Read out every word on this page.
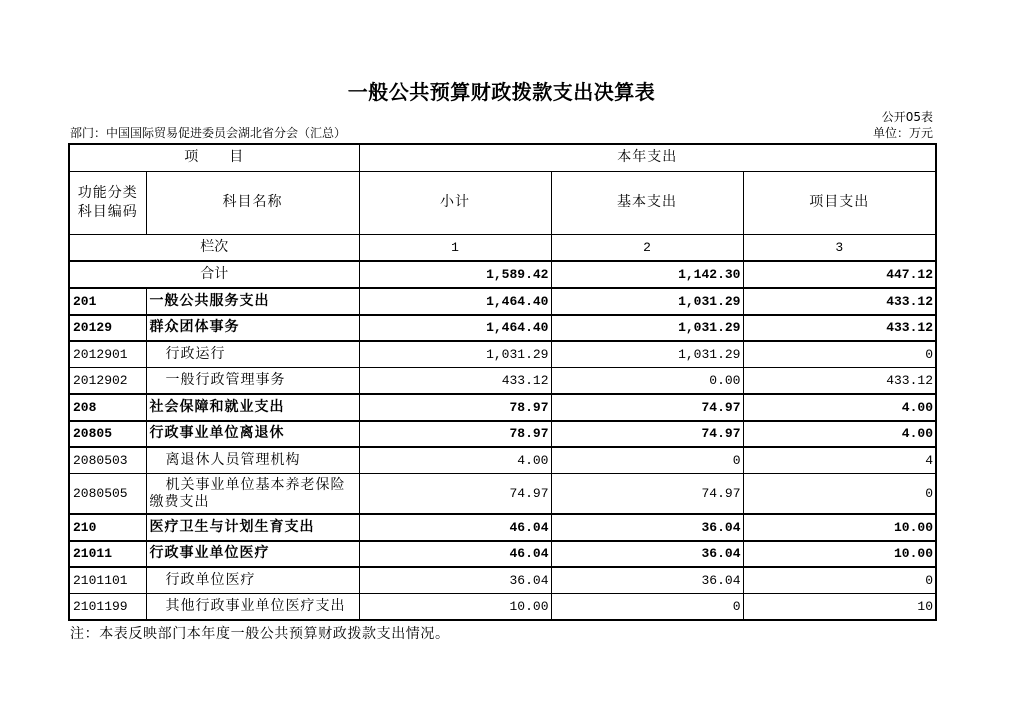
一般公共预算财政拨款支出决算表
公开05表
部门：中国国际贸易促进委员会湖北省分会（汇总）	单位：万元
项　　目		本年支出		

功能分类
科目编码	科目名称	小计	基本支出	项目支出
栏次		1	2	3
合计		1,589.42	1,142.30	447.12
201	一般公共服务支出	1,464.40	1,031.29	433.12
20129	群众团体事务	1,464.40	1,031.29	433.12
2012901	行政运行	1,031.29	1,031.29	0
2012902	一般行政管理事务	433.12	0.00	433.12
208	社会保障和就业支出	78.97	74.97	4.00
20805	行政事业单位离退休	78.97	74.97	4.00
2080503	离退休人员管理机构	4.00	0	4
2080505	机关事业单位基本养老保险缴费支出	74.97	74.97	0
210	医疗卫生与计划生育支出	46.04	36.04	10.00
21011	行政事业单位医疗	46.04	36.04	10.00
2101101	行政单位医疗	36.04	36.04	0
2101199	其他行政事业单位医疗支出	10.00	0	10
注：本表反映部门本年度一般公共预算财政拨款支出情况。
